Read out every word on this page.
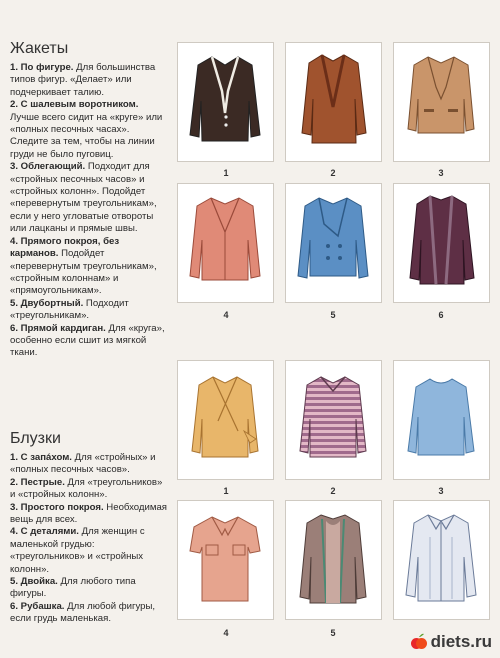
Жакеты

1. По фигуре. Для большинства типов фигур. «Делает» или подчеркивает талию.

2. С шалевым воротником. Лучше всего сидит на «круге» или «полных песочных часах». Следите за тем, чтобы на линии груди не было пуговиц.

3. Облегающий. Подходит для «стройных песочных часов» и «стройных колонн». Подойдет «перевернутым треугольникам», если у него угловатые отвороты или лацканы и прямые швы.

4. Прямого покроя, без карманов. Подойдет «перевернутым треугольникам», «стройным колоннам» и «прямоугольникам».

5. Двубортный. Подходит «треугольникам».

6. Прямой кардиган. Для «круга», особенно если сшит из мягкой ткани.

Блузки

1. С запáхом. Для «стройных» и «полных песочных часов».

2. Пестрые. Для «треугольников» и «стройных колонн».

3. Простого покроя. Необходимая вещь для всех.

4. С деталями. Для женщин с маленькой грудью: «треугольников» и «стройных колонн».

5. Двойка. Для любого типа фигуры.

6. Рубашка. Для любой фигуры, если грудь маленькая.

1	2	3
4	5	6
1	2	3
4	5	diets.ru
